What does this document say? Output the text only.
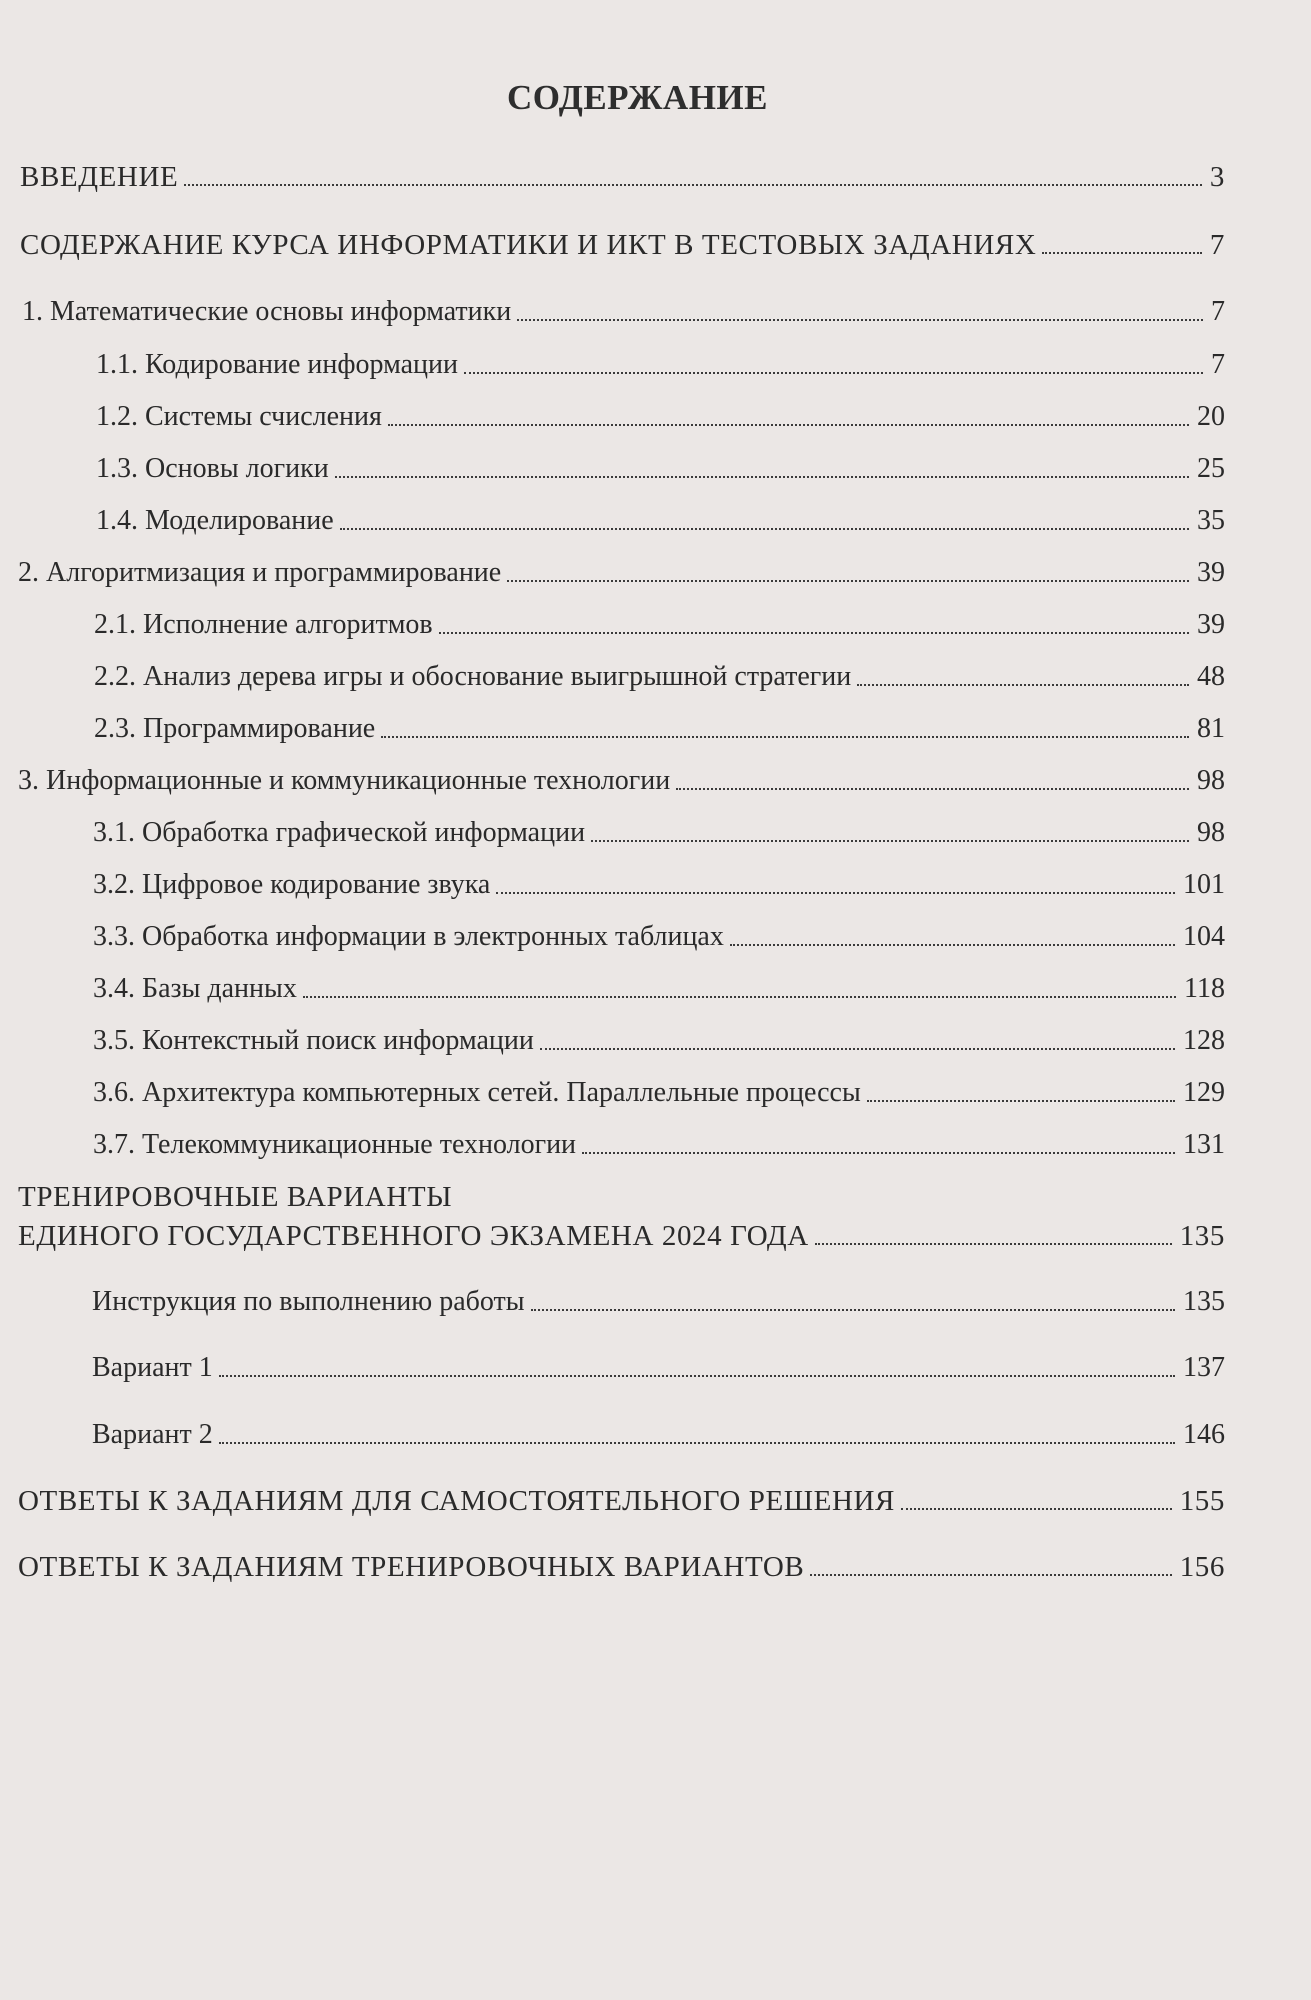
СОДЕРЖАНИЕ
ВВЕДЕНИЕ	3
СОДЕРЖАНИЕ КУРСА ИНФОРМАТИКИ И ИКТ В ТЕСТОВЫХ ЗАДАНИЯХ	7
1. Математические основы информатики	7
1.1. Кодирование информации	7
1.2. Системы счисления	20
1.3. Основы логики	25
1.4. Моделирование	35
2. Алгоритмизация и программирование	39
2.1. Исполнение алгоритмов	39
2.2. Анализ дерева игры и обоснование выигрышной стратегии	48
2.3. Программирование	81
3. Информационные и коммуникационные технологии	98
3.1. Обработка графической информации	98
3.2. Цифровое кодирование звука	101
3.3. Обработка информации в электронных таблицах	104
3.4. Базы данных	118
3.5. Контекстный поиск информации	128
3.6. Архитектура компьютерных сетей. Параллельные процессы	129
3.7. Телекоммуникационные технологии	131
ТРЕНИРОВОЧНЫЕ ВАРИАНТЫ
ЕДИНОГО ГОСУДАРСТВЕННОГО ЭКЗАМЕНА 2024 ГОДА	135
Инструкция по выполнению работы	135
Вариант 1	137
Вариант 2	146
ОТВЕТЫ К ЗАДАНИЯМ ДЛЯ САМОСТОЯТЕЛЬНОГО РЕШЕНИЯ	155
ОТВЕТЫ К ЗАДАНИЯМ ТРЕНИРОВОЧНЫХ ВАРИАНТОВ	156
